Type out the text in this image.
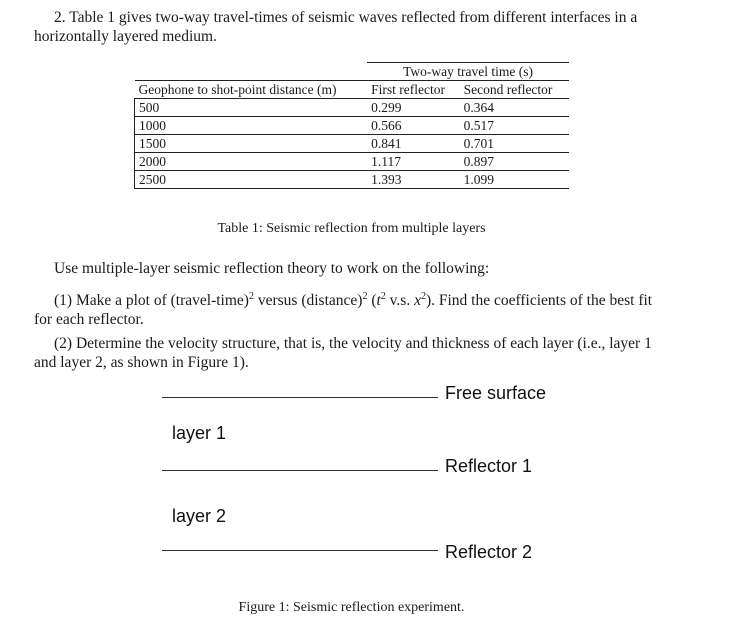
2. Table 1 gives two-way travel-times of seismic waves reflected from different interfaces in a horizontally layered medium.

	Two-way travel time (s)	
Geophone to shot-point distance (m)	First reflector	Second reflector
500	0.299	0.364
1000	0.566	0.517
1500	0.841	0.701
2000	1.117	0.897
2500	1.393	1.099
Table 1: Seismic reflection from multiple layers
Use multiple-layer seismic reflection theory to work on the following:
(1) Make a plot of (travel-time)$^2$ versus (distance)$^2$ ($t^2$ v.s. $x^2$). Find the coefficients of the best fit for each reflector.
(2) Determine the velocity structure, that is, the velocity and thickness of each layer (i.e., layer 1 and layer 2, as shown in Figure 1).
Free surface
layer 1
Reflector 1
layer 2
Reflector 2
Figure 1: Seismic reflection experiment.
